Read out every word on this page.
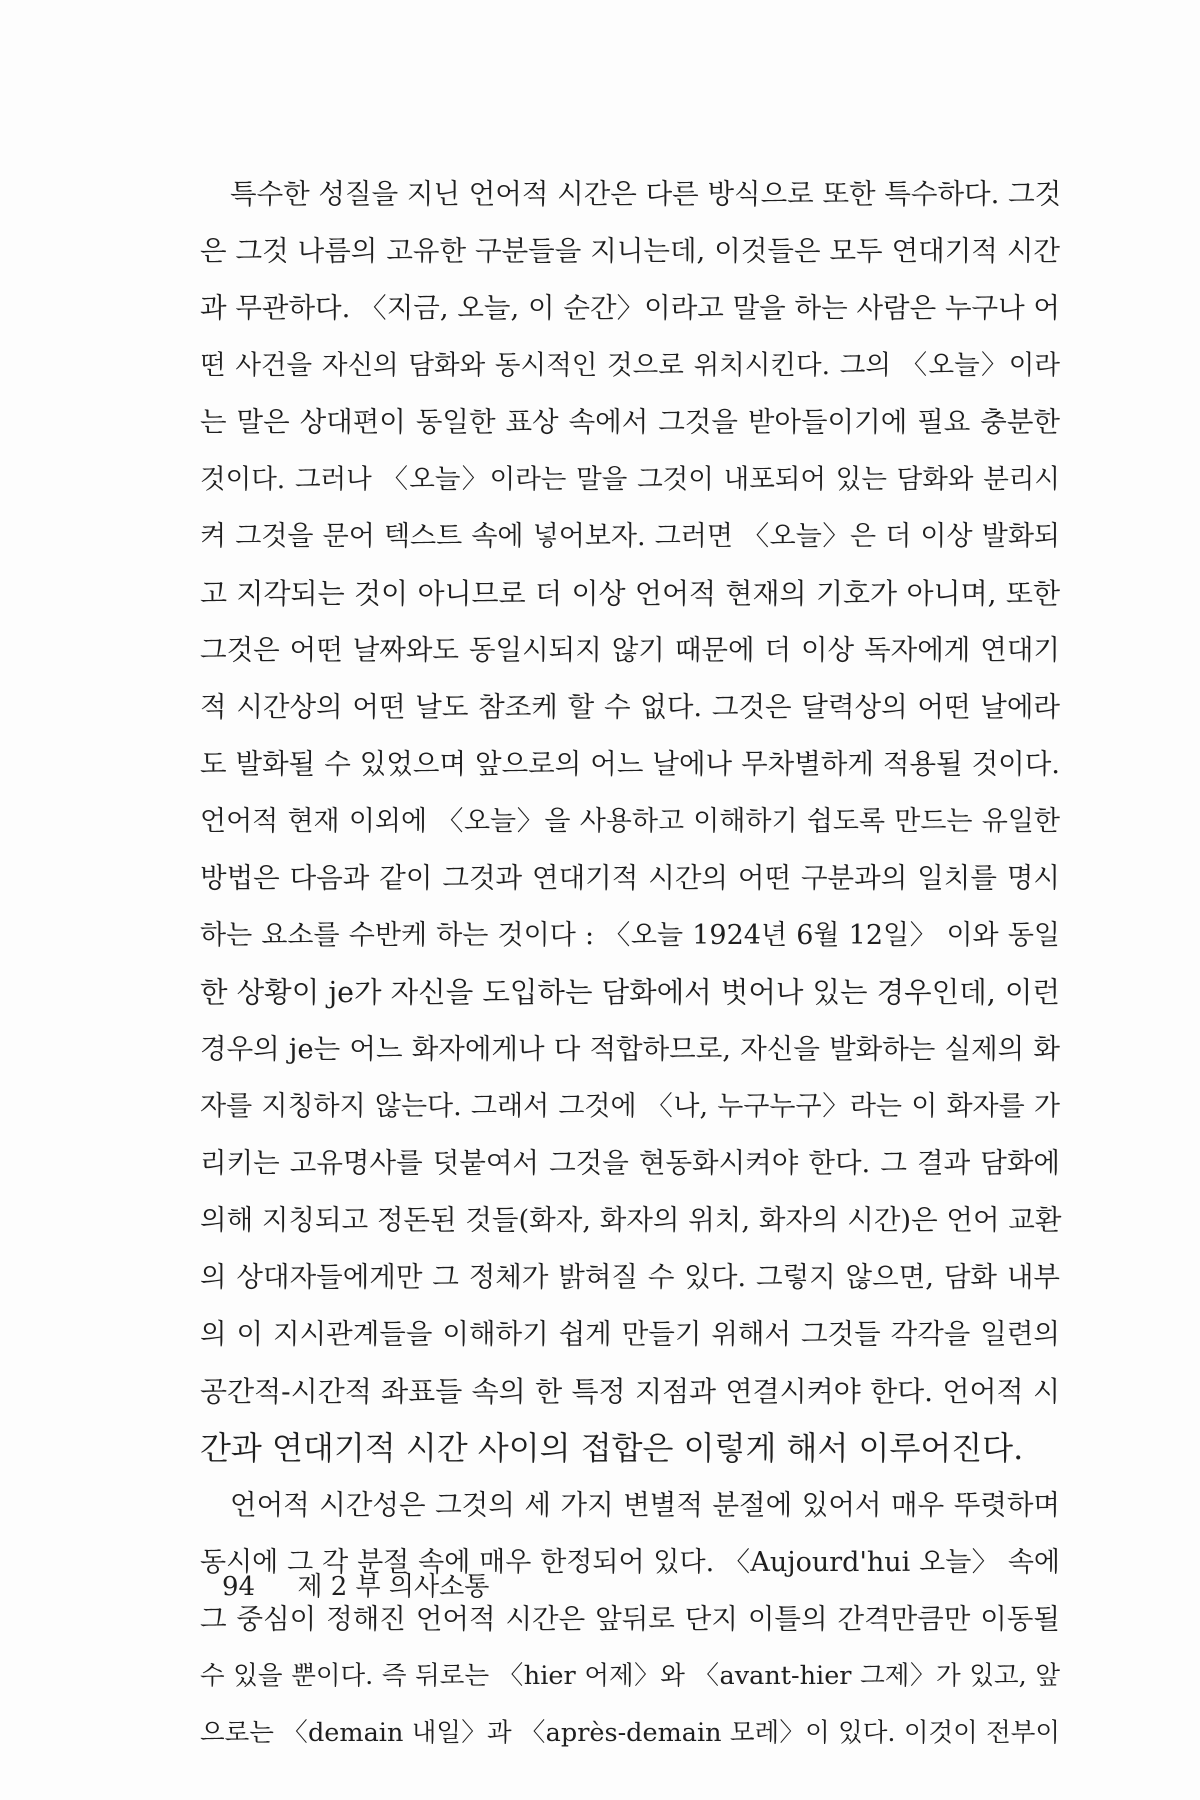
특수한 성질을 지닌 언어적 시간은 다른 방식으로 또한 특수하다. 그것
은 그것 나름의 고유한 구분들을 지니는데, 이것들은 모두 연대기적 시간
과 무관하다. 〈지금, 오늘, 이 순간〉이라고 말을 하는 사람은 누구나 어
떤 사건을 자신의 담화와 동시적인 것으로 위치시킨다. 그의 〈오늘〉이라
는 말은 상대편이 동일한 표상 속에서 그것을 받아들이기에 필요 충분한
것이다. 그러나 〈오늘〉이라는 말을 그것이 내포되어 있는 담화와 분리시
켜 그것을 문어 텍스트 속에 넣어보자. 그러면 〈오늘〉은 더 이상 발화되
고 지각되는 것이 아니므로 더 이상 언어적 현재의 기호가 아니며, 또한
그것은 어떤 날짜와도 동일시되지 않기 때문에 더 이상 독자에게 연대기
적 시간상의 어떤 날도 참조케 할 수 없다. 그것은 달력상의 어떤 날에라
도 발화될 수 있었으며 앞으로의 어느 날에나 무차별하게 적용될 것이다.
언어적 현재 이외에 〈오늘〉을 사용하고 이해하기 쉽도록 만드는 유일한
방법은 다음과 같이 그것과 연대기적 시간의 어떤 구분과의 일치를 명시
하는 요소를 수반케 하는 것이다 : 〈오늘 1924년 6월 12일〉 이와 동일
한 상황이 je가 자신을 도입하는 담화에서 벗어나 있는 경우인데, 이런
경우의 je는 어느 화자에게나 다 적합하므로, 자신을 발화하는 실제의 화
자를 지칭하지 않는다. 그래서 그것에 〈나, 누구누구〉라는 이 화자를 가
리키는 고유명사를 덧붙여서 그것을 현동화시켜야 한다. 그 결과 담화에
의해 지칭되고 정돈된 것들(화자, 화자의 위치, 화자의 시간)은 언어 교환
의 상대자들에게만 그 정체가 밝혀질 수 있다. 그렇지 않으면, 담화 내부
의 이 지시관계들을 이해하기 쉽게 만들기 위해서 그것들 각각을 일련의
공간적-시간적 좌표들 속의 한 특정 지점과 연결시켜야 한다. 언어적 시
간과 연대기적 시간 사이의 접합은 이렇게 해서 이루어진다.
언어적 시간성은 그것의 세 가지 변별적 분절에 있어서 매우 뚜렷하며
동시에 그 각 분절 속에 매우 한정되어 있다. 〈Aujourd'hui 오늘〉 속에
그 중심이 정해진 언어적 시간은 앞뒤로 단지 이틀의 간격만큼만 이동될
수 있을 뿐이다. 즉 뒤로는 〈hier 어제〉와 〈avant-hier 그제〉가 있고, 앞
으로는 〈demain 내일〉과 〈après-demain 모레〉이 있다. 이것이 전부이
94 제 2 부 의사소통
